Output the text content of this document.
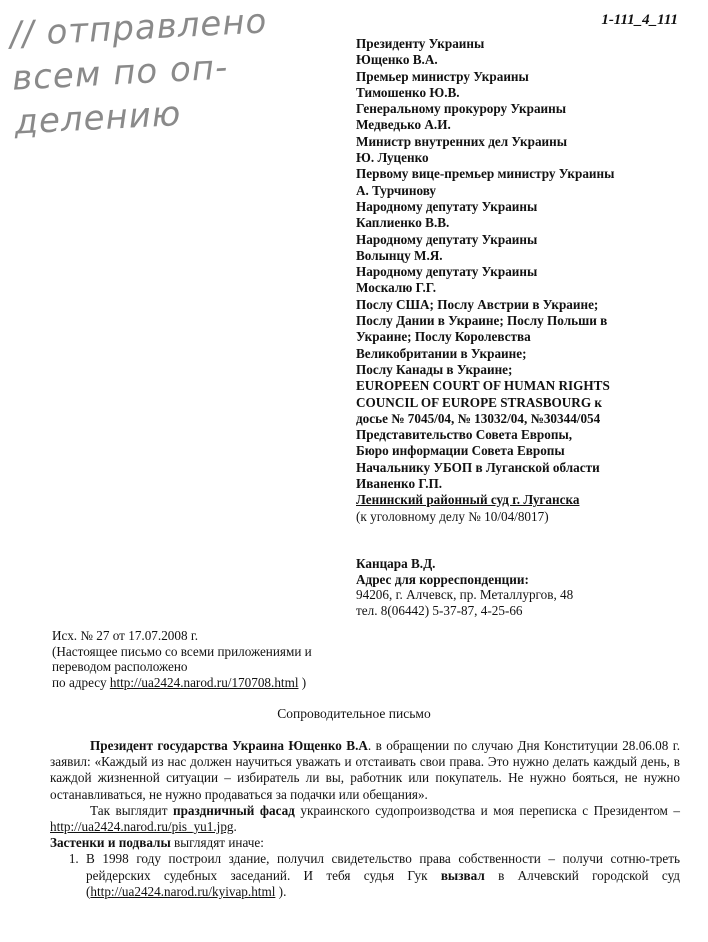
1-111_4_111
// отправлено
всем по оп-
делению
Президенту Украины
Ющенко В.А.
Премьер министру Украины
Тимошенко Ю.В.
Генеральному прокурору Украины
Медведько А.И.
Министр внутренних дел Украины
Ю. Луценко
Первому вице-премьер министру Украины
А. Турчинову
Народному депутату Украины
Каплиенко В.В.
Народному депутату Украины
Волынцу М.Я.
Народному депутату Украины
Москалю Г.Г.
Послу США; Послу Австрии в Украине;
Послу Дании в Украине; Послу Польши в
Украине; Послу Королевства
Великобритании в Украине;
Послу Канады в Украине;
EUROPEEN COURT OF HUMAN RIGHTS
COUNCIL OF EUROPE STRASBOURG к
досье № 7045/04, № 13032/04, №30344/054
Представительство Совета Европы,
Бюро информации Совета Европы
Начальнику УБОП в Луганской области
Иваненко Г.П.
Ленинский районный суд г. Луганска
(к уголовному делу № 10/04/8017)
Канцара В.Д.
Адрес для корреспонденции:
94206, г. Алчевск, пр. Металлургов, 48
тел. 8(06442) 5-37-87, 4-25-66
Исх. № 27 от 17.07.2008 г.
(Настоящее письмо со всеми приложениями и
переводом расположено
по адресу http://ua2424.narod.ru/170708.html )
Сопроводительное письмо

Президент государства Украина Ющенко В.А. в обращении по случаю Дня Конституции 28.06.08 г. заявил: «Каждый из нас должен научиться уважать и отстаивать свои права. Это нужно делать каждый день, в каждой жизненной ситуации – избиратель ли вы, работник или покупатель. Не нужно бояться, не нужно останавливаться, не нужно продаваться за подачки или обещания».

Так выглядит праздничный фасад украинского судопроизводства и моя переписка с Президентом – http://ua2424.narod.ru/pis_yu1.jpg.

Застенки и подвалы выглядят иначе:

1. В 1998 году построил здание, получил свидетельство права собственности – получи сотню-треть рейдерских судебных заседаний. И тебя судья Гук вызвал в Алчевский городской суд (http://ua2424.narod.ru/kyivap.html ).
